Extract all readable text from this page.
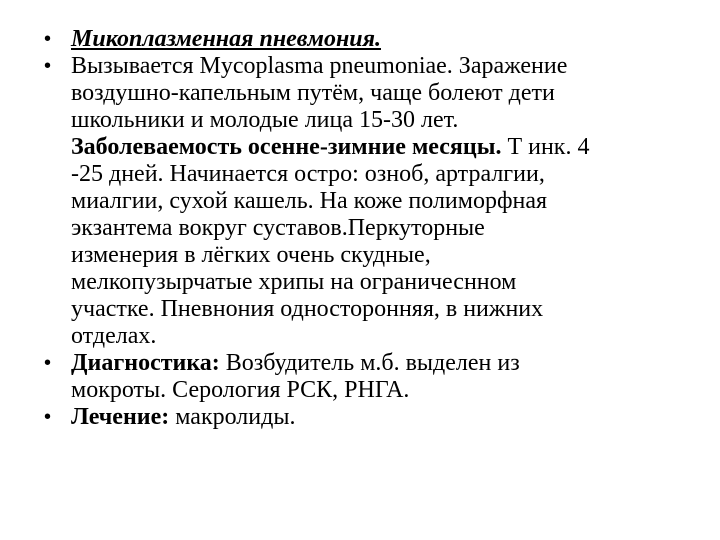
• Микоплазменная пневмония.
• Вызывается Mycoplasma pneumoniae. Заражение
воздушно-капельным путём, чаще болеют дети
школьники и молодые лица 15-30 лет.
Заболеваемость осенне-зимние месяцы. Т инк. 4
-25 дней. Начинается остро: озноб, артралгии,
миалгии, сухой кашель. На коже полиморфная
экзантема вокруг суставов.Перкуторные
изменерия в лёгких очень скудные,
мелкопузырчатые хрипы на ограничеснном
участке. Пневнония односторонняя, в нижних
отделах.
• Диагностика: Возбудитель м.б. выделен из
мокроты. Серология РСК, РНГА.
• Лечение: макролиды.
